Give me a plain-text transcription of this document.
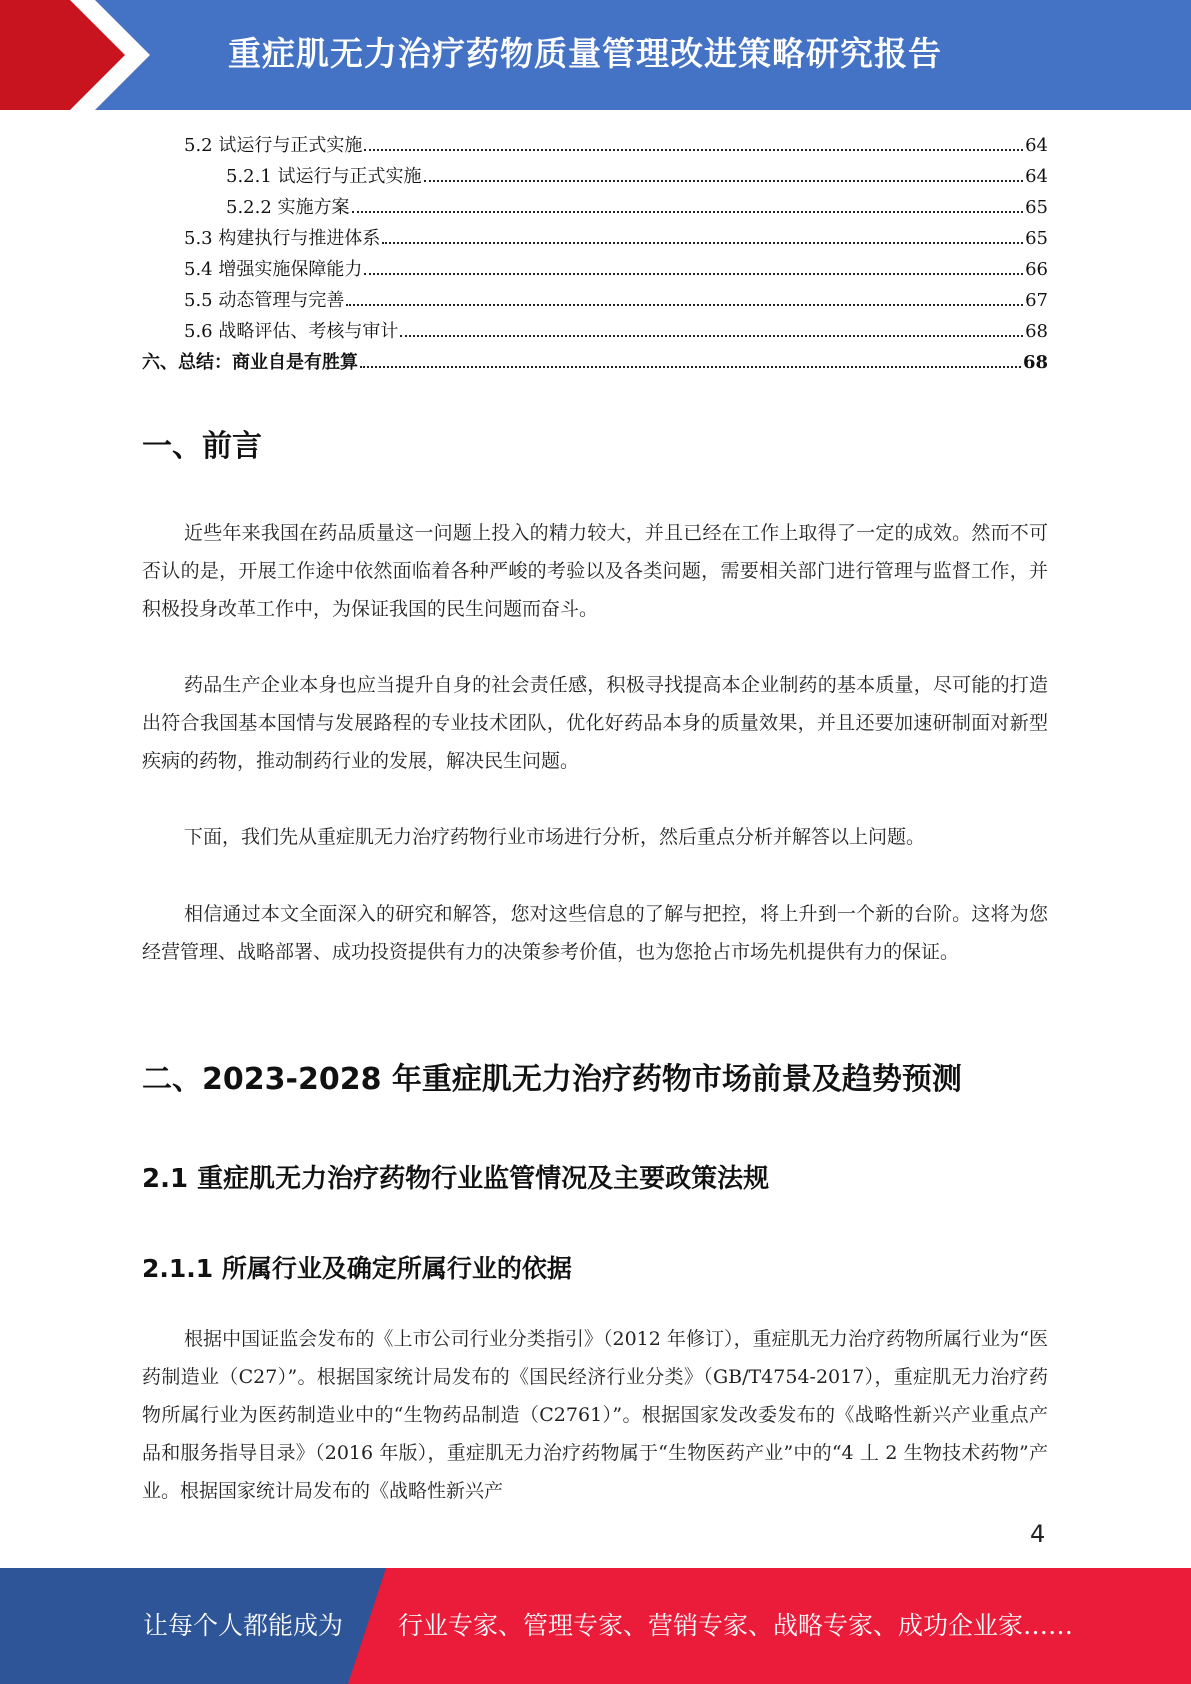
重症肌无力治疗药物质量管理改进策略研究报告
5.2 试运行与正式实施	64
5.2.1 试运行与正式实施	64
5.2.2 实施方案	65
5.3 构建执行与推进体系	65
5.4 增强实施保障能力	66
5.5 动态管理与完善	67
5.6 战略评估、考核与审计	68
六、总结：商业自是有胜算	68
一、前言
近些年来我国在药品质量这一问题上投入的精力较大，并且已经在工作上取得了一定的成效。然而不可否认的是，开展工作途中依然面临着各种严峻的考验以及各类问题，需要相关部门进行管理与监督工作，并积极投身改革工作中，为保证我国的民生问题而奋斗。
药品生产企业本身也应当提升自身的社会责任感，积极寻找提高本企业制药的基本质量，尽可能的打造出符合我国基本国情与发展路程的专业技术团队，优化好药品本身的质量效果，并且还要加速研制面对新型疾病的药物，推动制药行业的发展，解决民生问题。
下面，我们先从重症肌无力治疗药物行业市场进行分析，然后重点分析并解答以上问题。
相信通过本文全面深入的研究和解答，您对这些信息的了解与把控，将上升到一个新的台阶。这将为您经营管理、战略部署、成功投资提供有力的决策参考价值，也为您抢占市场先机提供有力的保证。
二、2023-2028 年重症肌无力治疗药物市场前景及趋势预测
2.1 重症肌无力治疗药物行业监管情况及主要政策法规
2.1.1 所属行业及确定所属行业的依据
根据中国证监会发布的《上市公司行业分类指引》（2012 年修订），重症肌无力治疗药物所属行业为“医药制造业（C27）”。根据国家统计局发布的《国民经济行业分类》（GB/T4754-2017），重症肌无力治疗药物所属行业为医药制造业中的“生物药品制造（C2761）”。根据国家发改委发布的《战略性新兴产业重点产品和服务指导目录》（2016 年版），重症肌无力治疗药物属于“生物医药产业”中的“4 丄 2 生物技术药物”产业。根据国家统计局发布的《战略性新兴产
4
让每个人都能成为 行业专家、管理专家、营销专家、战略专家、成功企业家……
